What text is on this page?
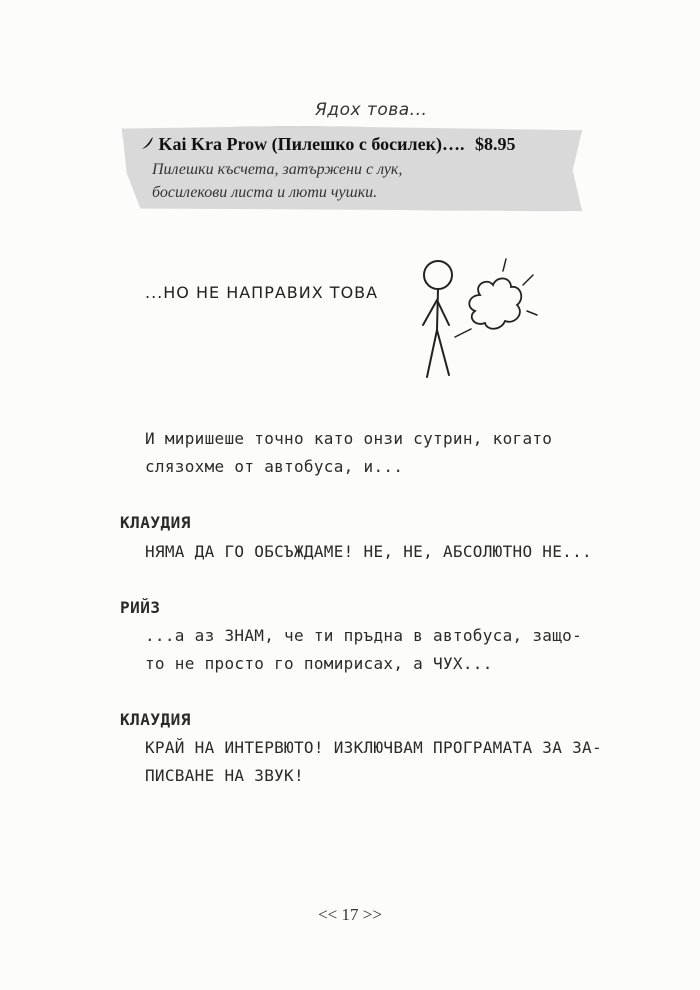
Ядох това...
Kai Kra Prow (Пилешко с босилек)…. $8.95
Пилешки късчета, затържени с лук,
босилекови листа и люти чушки.
...НО НЕ НАПРАВИХ ТОВА
И миришеше точно като онзи сутрин, когато
слязохме от автобуса, и...
КЛАУДИЯ
НЯМА ДА ГО ОБСЪЖДАМЕ! НЕ, НЕ, АБСОЛЮТНО НЕ...
РИЙЗ
...а аз ЗНАМ, че ти пръдна в автобуса, защо-
то не просто го помирисах, а ЧУХ...
КЛАУДИЯ
КРАЙ НА ИНТЕРВЮТО! ИЗКЛЮЧВАМ ПРОГРАМАТА ЗА ЗА-
ПИСВАНЕ НА ЗВУК!
<< 17 >>
